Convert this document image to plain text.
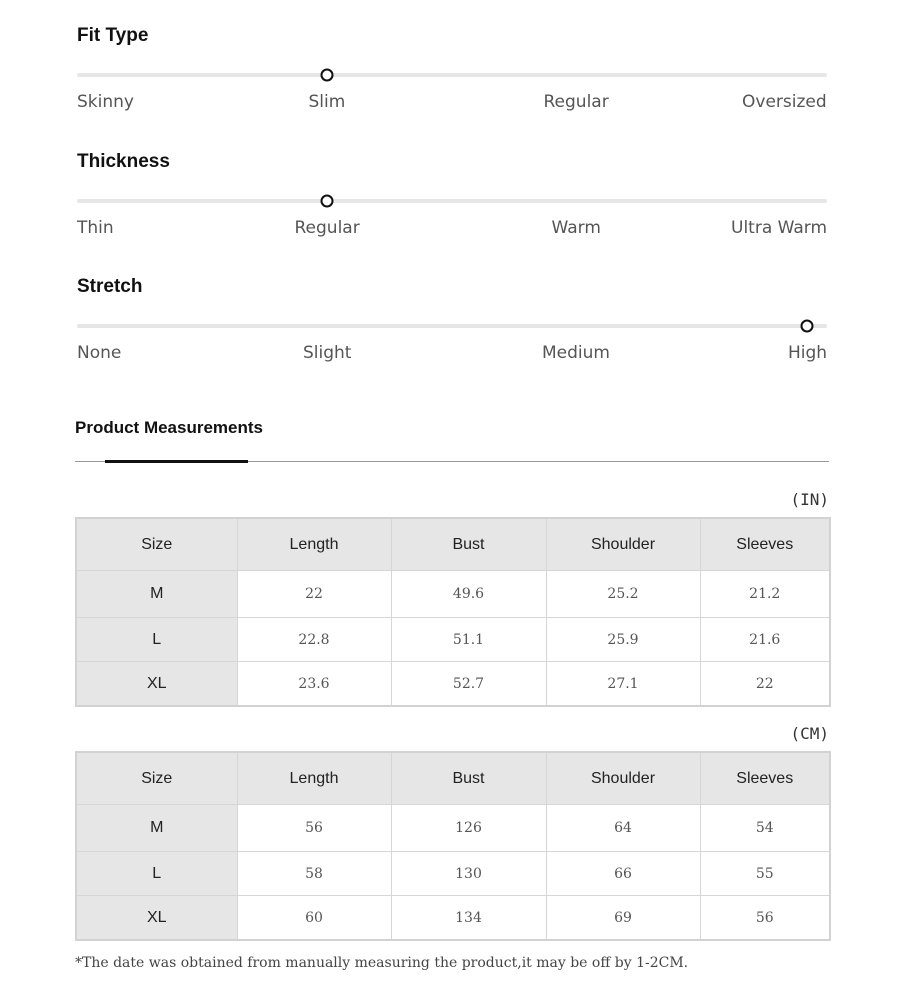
Fit Type
Skinny	Slim	Regular	Oversized
Thickness
Thin	Regular	Warm	Ultra Warm
Stretch
None	Slight	Medium	High
Product Measurements
(IN)
Size	Length	Bust	Shoulder	Sleeves
M	22	49.6	25.2	21.2
L	22.8	51.1	25.9	21.6
XL	23.6	52.7	27.1	22
(CM)
Size	Length	Bust	Shoulder	Sleeves
M	56	126	64	54
L	58	130	66	55
XL	60	134	69	56
*The date was obtained from manually measuring the product,it may be off by 1-2CM.
